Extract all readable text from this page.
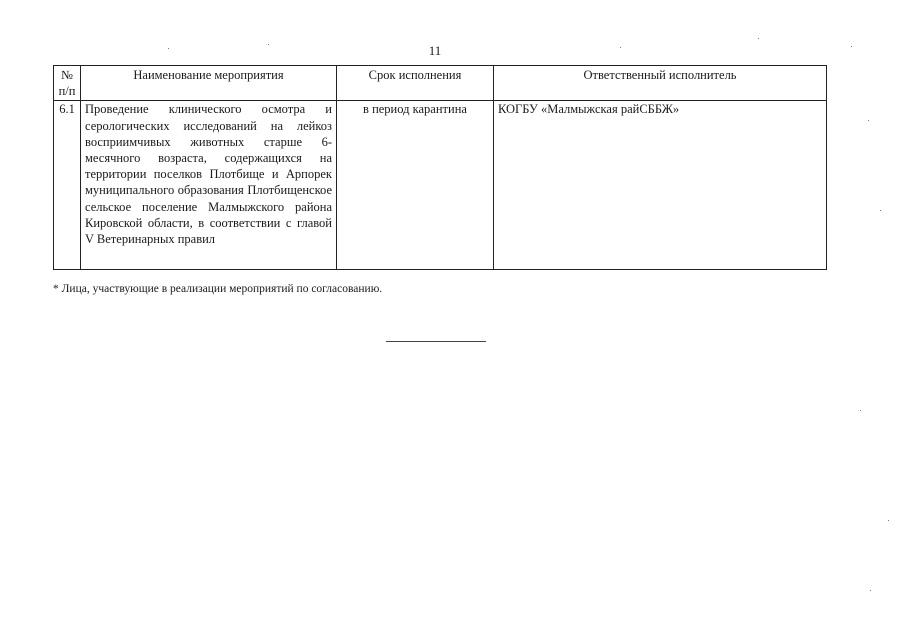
11
№ п/п	Наименование мероприятия	Срок исполнения	Ответственный исполнитель
6.1	Проведение клинического осмотра и серологических исследований на лейкоз восприимчивых животных старше 6-месячного возраста, содержащихся на территории поселков Плотбище и Арпорек муниципального образования Плотбищенское сельское поселение Малмыжского района Кировской области, в соответствии с главой V Ветеринарных правил	в период карантина	КОГБУ «Малмыжская райСББЖ»
* Лица, участвующие в реализации мероприятий по согласованию.
